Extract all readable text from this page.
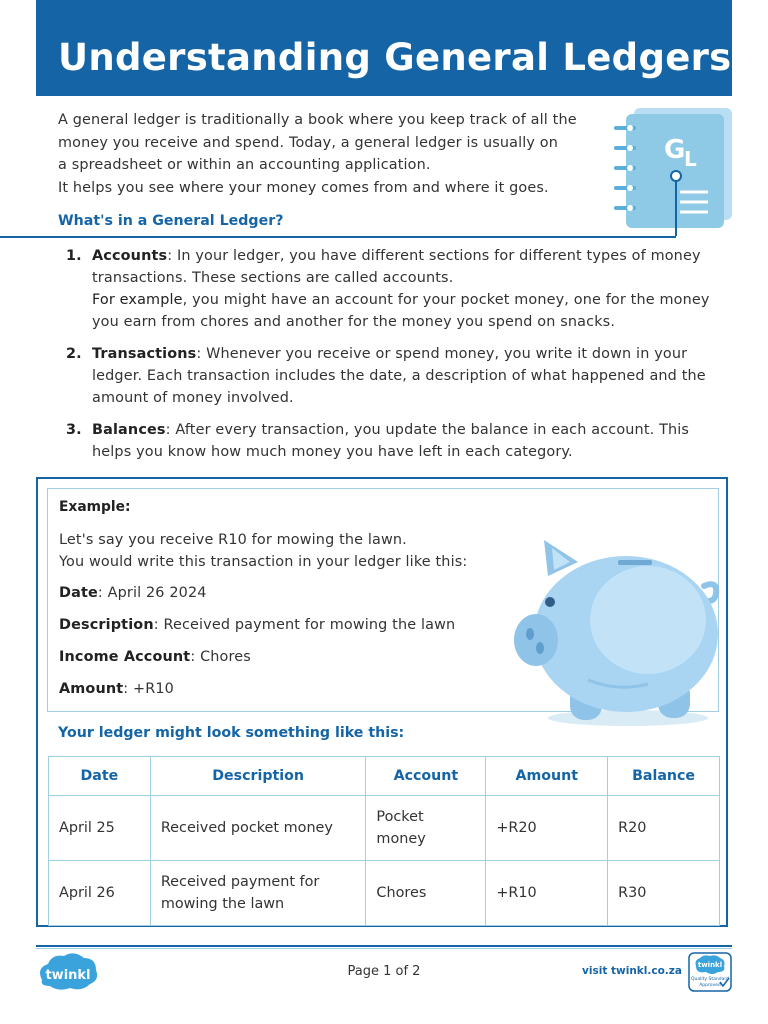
Understanding General Ledgers

A general ledger is traditionally a book where you keep track of all the

money you receive and spend. Today, a general ledger is usually on

a spreadsheet or within an accounting application.

It helps you see where your money comes from and where it goes.

G
L
What's in a General Ledger?
1. Accounts: In your ledger, you have different sections for different types of money transactions. These sections are called accounts.

For example, you might have an account for your pocket money, one for the money you earn from chores and another for the money you spend on snacks.

2. Transactions: Whenever you receive or spend money, you write it down in your ledger. Each transaction includes the date, a description of what happened and the amount of money involved.

3. Balances: After every transaction, you update the balance in each account. This helps you know how much money you have left in each category.

Example:
Let's say you receive R10 for mowing the lawn.
You would write this transaction in your ledger like this:
Date: April 26 2024
Description: Received payment for mowing the lawn
Income Account: Chores
Amount: +R10
Your ledger might look something like this:
Date	Description	Account	Amount	Balance
April 25	Received pocket money	Pocket money	+R20	R20
April 26	Received payment for mowing the lawn	Chores	+R10	R30
twinkl	Page 1 of 2	visit twinkl.co.za twinkl
Quality Standard
Approved
